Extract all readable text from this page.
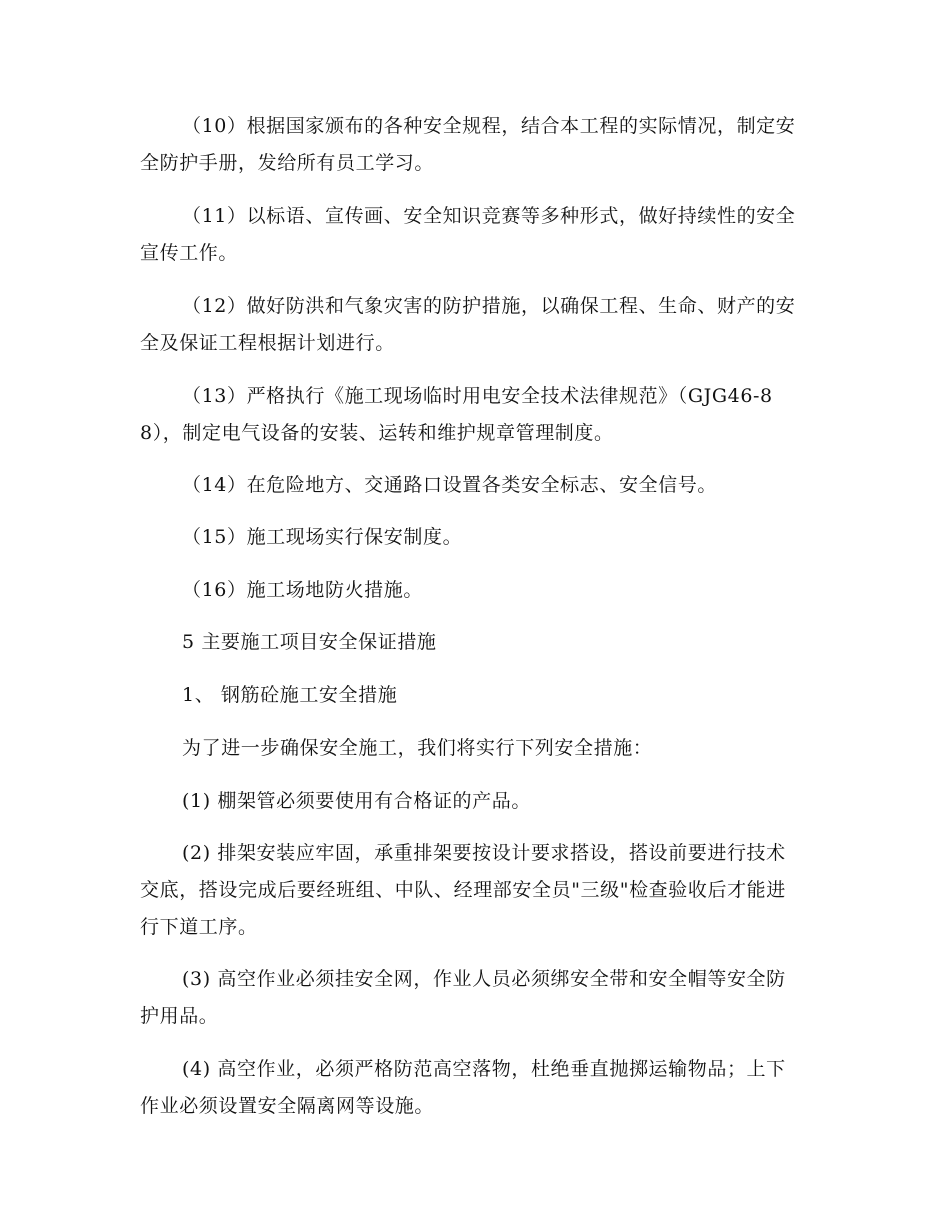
（10）根据国家颁布的各种安全规程，结合本工程的实际情况，制定安全防护手册，发给所有员工学习。

（11）以标语、宣传画、安全知识竞赛等多种形式，做好持续性的安全宣传工作。

（12）做好防洪和气象灾害的防护措施，以确保工程、生命、财产的安全及保证工程根据计划进行。

（13）严格执行《施工现场临时用电安全技术法律规范》（GJG46-88），制定电气设备的安装、运转和维护规章管理制度。

（14）在危险地方、交通路口设置各类安全标志、安全信号。

（15）施工现场实行保安制度。

（16）施工场地防火措施。

5 主要施工项目安全保证措施

1、 钢筋砼施工安全措施

为了进一步确保安全施工，我们将实行下列安全措施：

(1) 棚架管必须要使用有合格证的产品。

(2) 排架安装应牢固，承重排架要按设计要求搭设，搭设前要进行技术交底，搭设完成后要经班组、中队、经理部安全员"三级"检查验收后才能进行下道工序。

(3) 高空作业必须挂安全网，作业人员必须绑安全带和安全帽等安全防护用品。

(4) 高空作业，必须严格防范高空落物，杜绝垂直抛掷运输物品；上下作业必须设置安全隔离网等设施。
